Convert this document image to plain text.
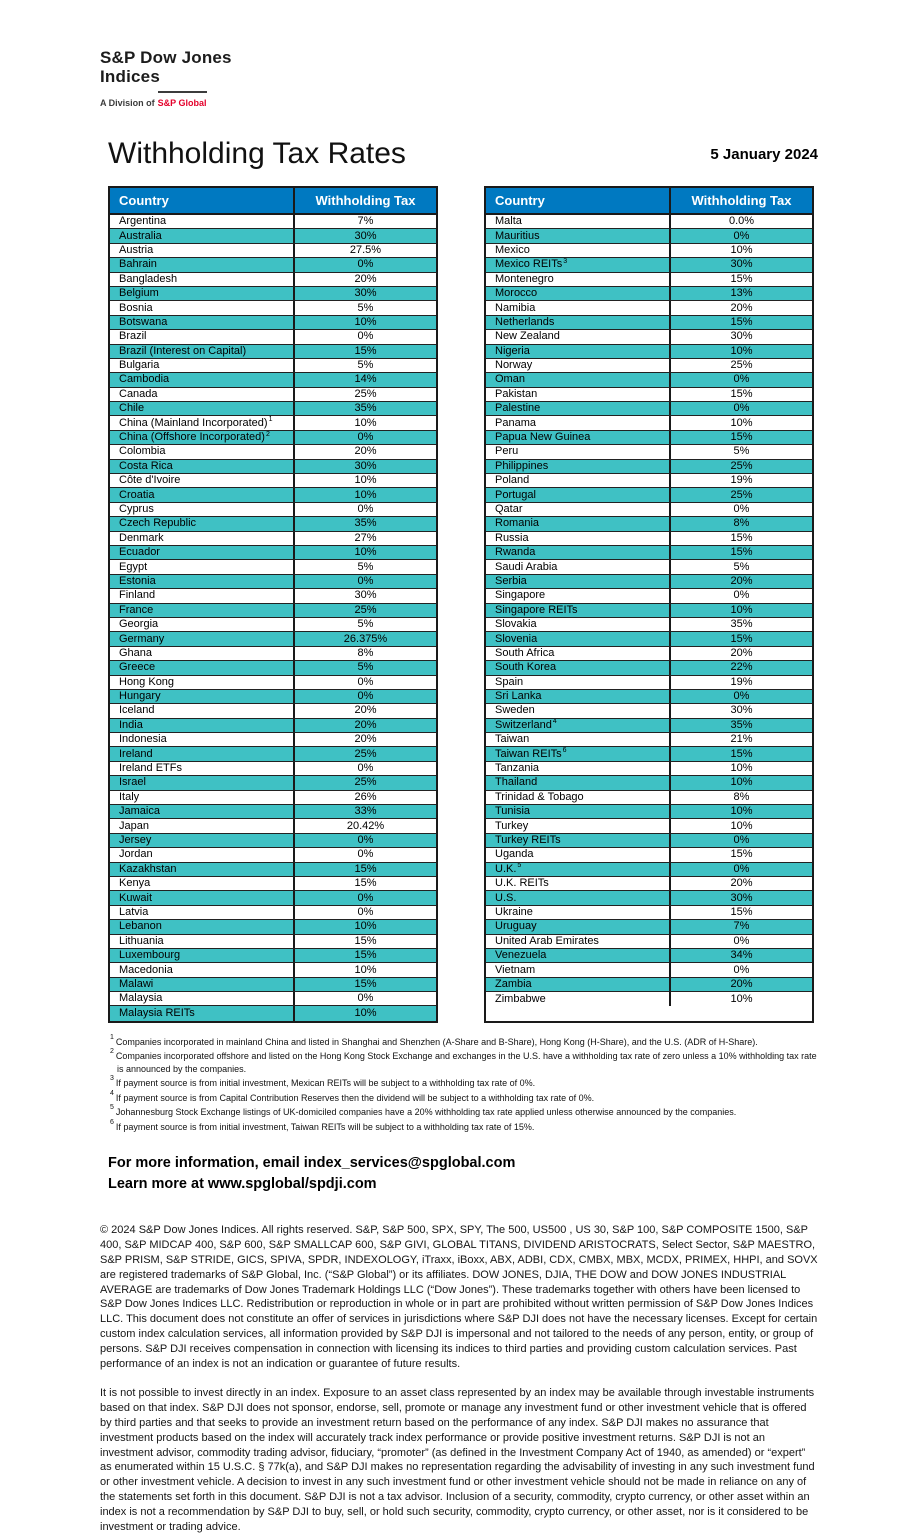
S&P Dow Jones
Indices
A Division of S&P Global
Withholding Tax Rates	5 January 2024
Country	Withholding Tax
Argentina	7%
Australia	30%
Austria	27.5%
Bahrain	0%
Bangladesh	20%
Belgium	30%
Bosnia	5%
Botswana	10%
Brazil	0%
Brazil (Interest on Capital)	15%
Bulgaria	5%
Cambodia	14%
Canada	25%
Chile	35%
China (Mainland Incorporated)$^1$	10%
China (Offshore Incorporated)$^2$	0%
Colombia	20%
Costa Rica	30%
Côte d'Ivoire	10%
Croatia	10%
Cyprus	0%
Czech Republic	35%
Denmark	27%
Ecuador	10%
Egypt	5%
Estonia	0%
Finland	30%
France	25%
Georgia	5%
Germany	26.375%
Ghana	8%
Greece	5%
Hong Kong	0%
Hungary	0%
Iceland	20%
India	20%
Indonesia	20%
Ireland	25%
Ireland ETFs	0%
Israel	25%
Italy	26%
Jamaica	33%
Japan	20.42%
Jersey	0%
Jordan	0%
Kazakhstan	15%
Kenya	15%
Kuwait	0%
Latvia	0%
Lebanon	10%
Lithuania	15%
Luxembourg	15%
Macedonia	10%
Malawi	15%
Malaysia	0%
Malaysia REITs	10%
Country	Withholding Tax
Malta	0.0%
Mauritius	0%
Mexico	10%
Mexico REITs$^3$	30%
Montenegro	15%
Morocco	13%
Namibia	20%
Netherlands	15%
New Zealand	30%
Nigeria	10%
Norway	25%
Oman	0%
Pakistan	15%
Palestine	0%
Panama	10%
Papua New Guinea	15%
Peru	5%
Philippines	25%
Poland	19%
Portugal	25%
Qatar	0%
Romania	8%
Russia	15%
Rwanda	15%
Saudi Arabia	5%
Serbia	20%
Singapore	0%
Singapore REITs	10%
Slovakia	35%
Slovenia	15%
South Africa	20%
South Korea	22%
Spain	19%
Sri Lanka	0%
Sweden	30%
Switzerland$^4$	35%
Taiwan	21%
Taiwan REITs $^6$	15%
Tanzania	10%
Thailand	10%
Trinidad & Tobago	8%
Tunisia	10%
Turkey	10%
Turkey REITs	0%
Uganda	15%
U.K.$^5$	0%
U.K. REITs	20%
U.S.	30%
Ukraine	15%
Uruguay	7%
United Arab Emirates	0%
Venezuela	34%
Vietnam	0%
Zambia	20%
Zimbabwe	10%
$^1$ Companies incorporated in mainland China and listed in Shanghai and Shenzhen (A-Share and B-Share), Hong Kong (H-Share), and the U.S. (ADR of H-Share).
$^2$ Companies incorporated offshore and listed on the Hong Kong Stock Exchange and exchanges in the U.S. have a withholding tax rate of zero unless a 10% withholding tax rate is announced by the companies.
$^3$ If payment source is from initial investment, Mexican REITs will be subject to a withholding tax rate of 0%.
$^4$ If payment source is from Capital Contribution Reserves then the dividend will be subject to a withholding tax rate of 0%.
$^5$ Johannesburg Stock Exchange listings of UK-domiciled companies have a 20% withholding tax rate applied unless otherwise announced by the companies.
$^6$ If payment source is from initial investment, Taiwan REITs will be subject to a withholding tax rate of 15%.
For more information, email index_services@spglobal.com
Learn more at www.spglobal/spdji.com

© 2024 S&P Dow Jones Indices. All rights reserved. S&P, S&P 500, SPX, SPY, The 500, US500 , US 30, S&P 100, S&P COMPOSITE 1500, S&P 400, S&P MIDCAP 400, S&P 600, S&P SMALLCAP 600, S&P GIVI, GLOBAL TITANS, DIVIDEND ARISTOCRATS, Select Sector, S&P MAESTRO, S&P PRISM, S&P STRIDE, GICS, SPIVA, SPDR, INDEXOLOGY, iTraxx, iBoxx, ABX, ADBI, CDX, CMBX, MBX, MCDX, PRIMEX, HHPI, and SOVX are registered trademarks of S&P Global, Inc. (“S&P Global”) or its affiliates. DOW JONES, DJIA, THE DOW and DOW JONES INDUSTRIAL AVERAGE are trademarks of Dow Jones Trademark Holdings LLC (“Dow Jones”). These trademarks together with others have been licensed to S&P Dow Jones Indices LLC. Redistribution or reproduction in whole or in part are prohibited without written permission of S&P Dow Jones Indices LLC. This document does not constitute an offer of services in jurisdictions where S&P DJI does not have the necessary licenses. Except for certain custom index calculation services, all information provided by S&P DJI is impersonal and not tailored to the needs of any person, entity, or group of persons. S&P DJI receives compensation in connection with licensing its indices to third parties and providing custom calculation services. Past performance of an index is not an indication or guarantee of future results.

It is not possible to invest directly in an index. Exposure to an asset class represented by an index may be available through investable instruments based on that index. S&P DJI does not sponsor, endorse, sell, promote or manage any investment fund or other investment vehicle that is offered by third parties and that seeks to provide an investment return based on the performance of any index. S&P DJI makes no assurance that investment products based on the index will accurately track index performance or provide positive investment returns. S&P DJI is not an investment advisor, commodity trading advisor, fiduciary, “promoter” (as defined in the Investment Company Act of 1940, as amended) or “expert” as enumerated within 15 U.S.C. § 77k(a), and S&P DJI makes no representation regarding the advisability of investing in any such investment fund or other investment vehicle. A decision to invest in any such investment fund or other investment vehicle should not be made in reliance on any of the statements set forth in this document. S&P DJI is not a tax advisor. Inclusion of a security, commodity, crypto currency, or other asset within an index is not a recommendation by S&P DJI to buy, sell, or hold such security, commodity, crypto currency, or other asset, nor is it considered to be investment or trading advice.
